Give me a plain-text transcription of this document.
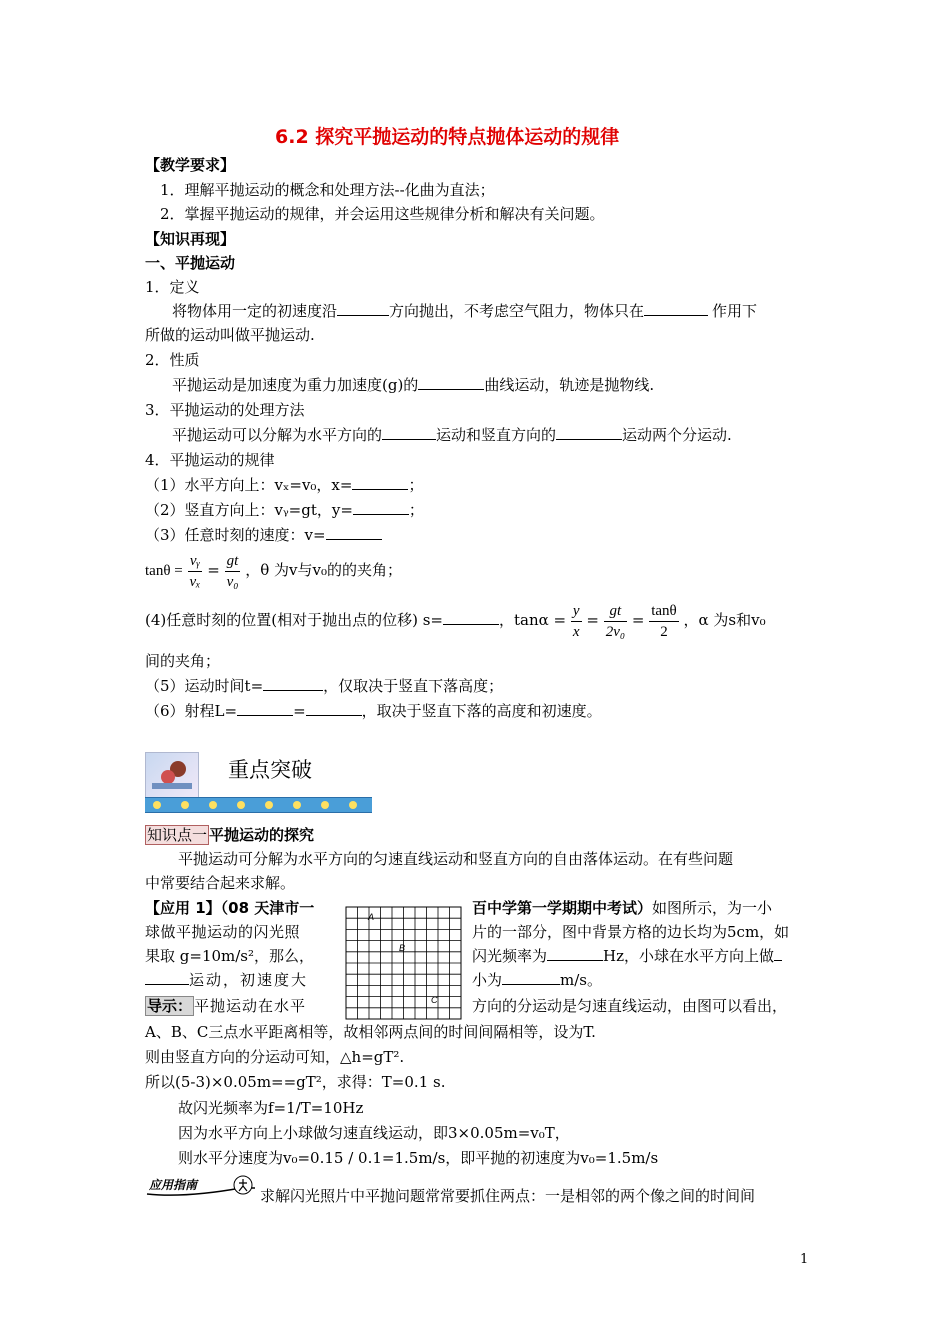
6.2 探究平抛运动的特点抛体运动的规律
【教学要求】
1．理解平抛运动的概念和处理方法--化曲为直法；
2．掌握平抛运动的规律，并会运用这些规律分析和解决有关问题。
【知识再现】
一、平抛运动
1．定义
将物体用一定的初速度沿	方向抛出，不考虑空气阻力，物体只在	作用下
所做的运动叫做平抛运动.
2．性质
平抛运动是加速度为重力加速度(g)的	曲线运动，轨迹是抛物线.
3．平抛运动的处理方法
平抛运动可以分解为水平方向的	运动和竖直方向的	运动两个分运动.
4．平抛运动的规律
（1）水平方向上：vₓ=v₀，x=	；
（2）竖直方向上：vᵧ=gt，y=	；
（3）任意时刻的速度：v=
$\tan\theta = \frac{\text{vᵧ}}{\text{vₓ}} = \frac{gt}{\text{v₀}}$ ，θ 为v与v₀的的夹角；
(4)任意时刻的位置(相对于抛出点的位移) s=	，$\tan\alpha = \frac{y}{x} = \frac{gt}{\text{2v₀}} = \frac{\tan\theta}{2}$ ，α 为s和v₀
间的夹角；
（5）运动时间t=	，仅取决于竖直下落高度；
（6）射程L=	=	，取决于竖直下落的高度和初速度。
重点突破
知识点一 平抛运动的探究
平抛运动可分解为水平方向的匀速直线运动和竖直方向的自由落体运动。在有些问题
中常要结合起来求解。
【应用 1】（08 天津市一	百中学第一学期期中考试）如图所示，为一小
球做平抛运动的闪光照	片的一部分，图中背景方格的边长均为5cm，如
果取 g=10m/s²，那么，	闪光频率为	Hz，小球在水平方向上做
运动，初速度大	小为	m/s。
导示： 平抛运动在水平	方向的分运动是匀速直线运动，由图可以看出，
A
B
C
A、B、C三点水平距离相等，故相邻两点间的时间间隔相等，设为T.
则由竖直方向的分运动可知，△h=gT².
所以(5-3)×0.05m==gT²，求得：T=0.1 s.
故闪光频率为f=1/T=10Hz
因为水平方向上小球做匀速直线运动，即3×0.05m=v₀T，
则水平分速度为v₀=0.15 / 0.1=1.5m/s，即平抛的初速度为v₀=1.5m/s
应用指南
求解闪光照片中平抛问题常常要抓住两点：一是相邻的两个像之间的时间间
1
